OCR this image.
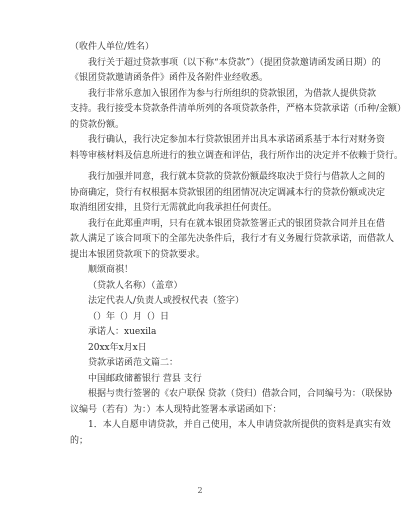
（收件人单位/姓名）
我行关于超过贷款事项（以下称“本贷款”）（提团贷款邀请函发函日期）的
《银团贷款邀请函条件》函件及各附件业经收悉。
我行非常乐意加入银团作为参与行所组织的贷款银团，为借款人提供贷款
支持。我行接受本贷款条件清单所列的各项贷款条件，严格本贷款承诺（币种/金额）
的贷款份额。
我行确认，我行决定参加本行贷款银团并出具本承诺函系基于本行对财务资
料等审核材料及信息所进行的独立调查和评估，我行所作出的决定并不依赖于贷行。
我行加强并同意，我行就本贷款的贷款份额最终取决于贷行与借款人之间的
协商确定，贷行有权根据本贷款银团的组团情况决定调减本行的贷款份额或决定
取消组团安排，且贷行无需就此向我承担任何责任。
我行在此郑重声明，只有在就本银团贷款签署正式的银团贷款合同并且在借
款人满足了该合同项下的全部先决条件后，我行才有义务履行贷款承诺，而借款人
提出本银团贷款项下的贷款要求。
顺颂商祺！
（贷款人名称）（盖章）
法定代表人/负责人或授权代表（签字）
（）年（）月（）日
承诺人：xuexila
20xx年x月x日
贷款承诺函范文篇二：
中国邮政储蓄银行 营县 支行
根据与贵行签署的《农户联保 贷款（贷归）借款合同，合同编号为：（联保协
议编号（若有）为：）本人现特此签署本承诺函如下：
1．本人自愿申请贷款，并自己使用，本人申请贷款所提供的资料是真实有效
的；
2
